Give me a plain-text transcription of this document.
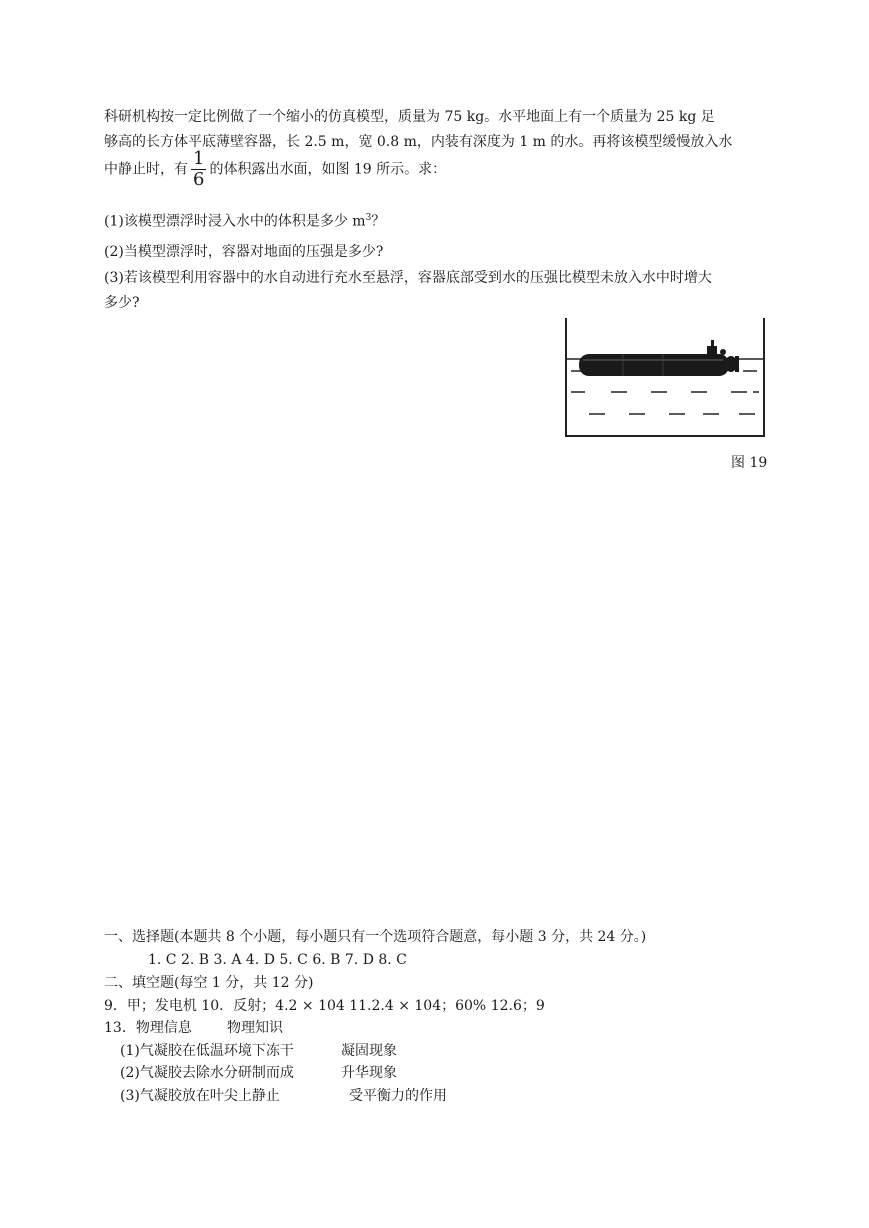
科研机构按一定比例做了一个缩小的仿真模型，质量为 75 kg。水平地面上有一个质量为 25 kg 足
够高的长方体平底薄壁容器，长 2.5 m，宽 0.8 m，内装有深度为 1 m 的水。再将该模型缓慢放入水
中静止时，有 $\frac{1}{6}$ 的体积露出水面，如图 19 所示。求：
(1)该模型漂浮时浸入水中的体积是多少 $m^3$？
(2)当模型漂浮时，容器对地面的压强是多少?
(3)若该模型利用容器中的水自动进行充水至悬浮，容器底部受到水的压强比模型未放入水中时增大
多少?
图 19
一、选择题(本题共 8 个小题，每小题只有一个选项符合题意，每小题 3 分，共 24 分。)
1. C 2. B 3. A 4. D 5. C 6. B 7. D 8. C
二、填空题(每空 1 分，共 12 分)
9．甲；发电机 10．反射；4.2 × 104 11.2.4 × 104；60% 12.6；9
13．物理信息	物理知识
(1)气凝胶在低温环境下冻干	凝固现象
(2)气凝胶去除水分研制而成	升华现象
(3)气凝胶放在叶尖上静止	受平衡力的作用
